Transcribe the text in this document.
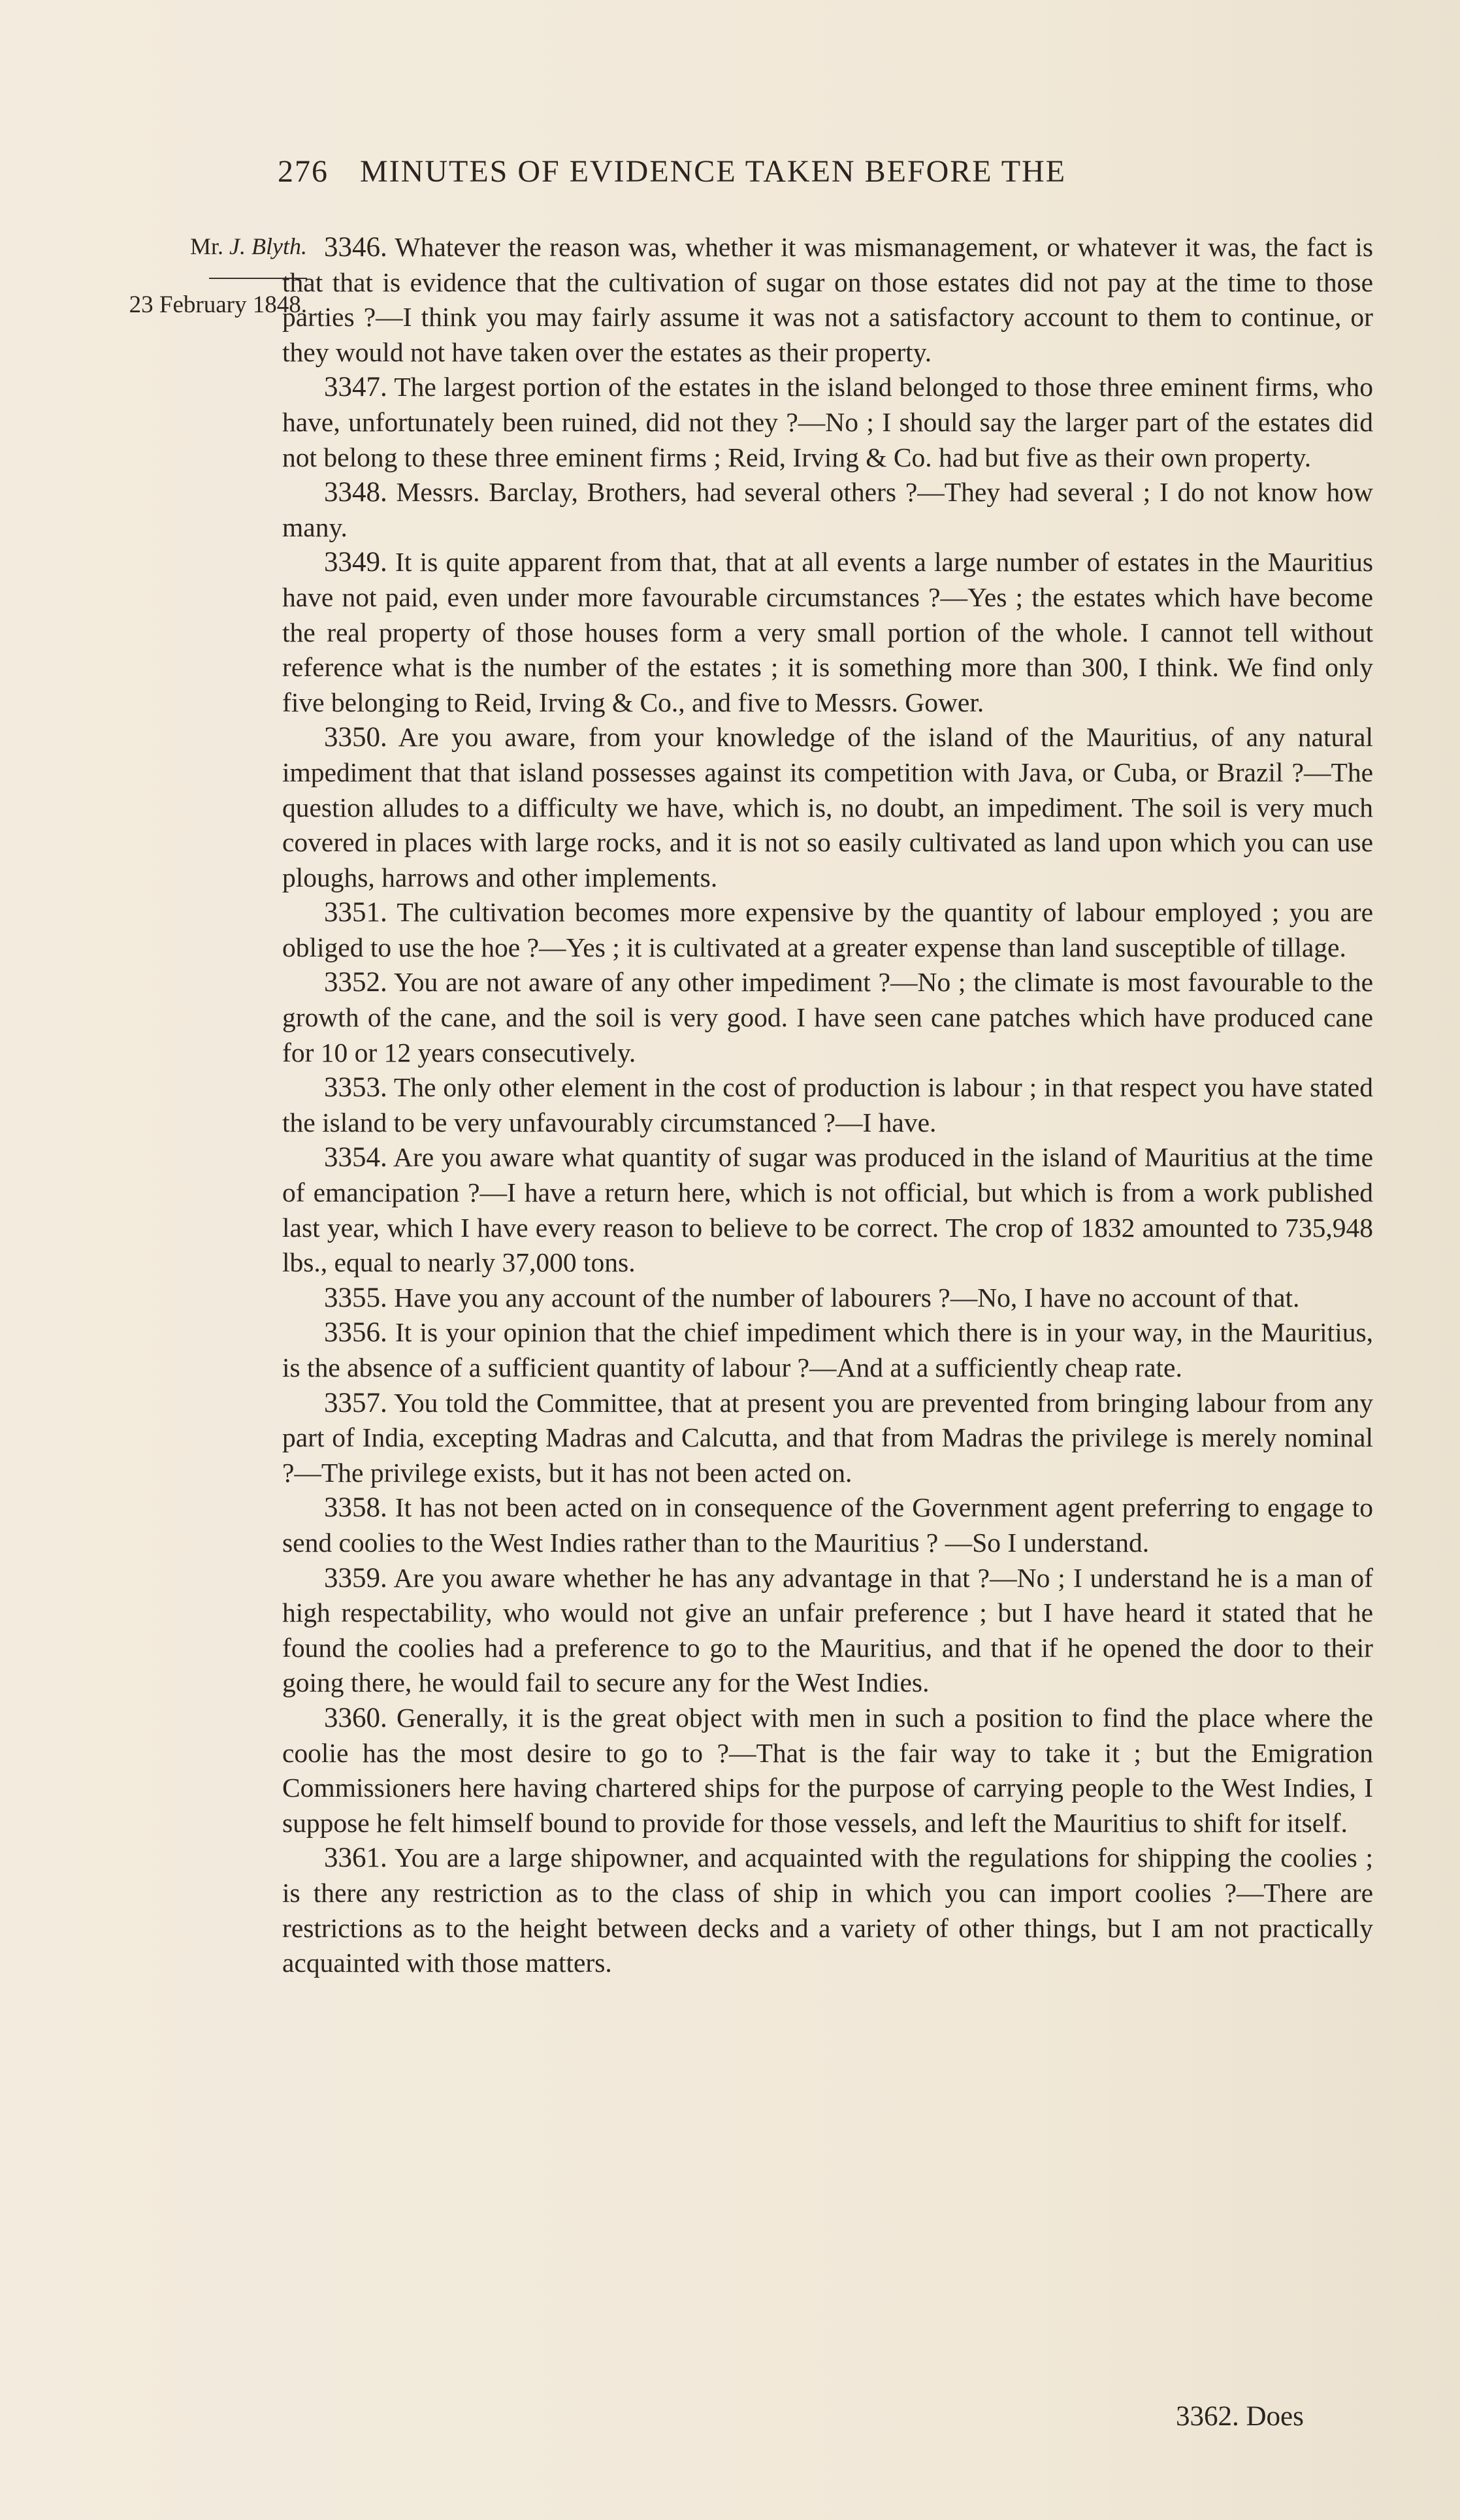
276 MINUTES OF EVIDENCE TAKEN BEFORE THE
Mr. J. Blyth.
23 February 1848.

3346. Whatever the reason was, whether it was mismanagement, or whatever it was, the fact is that that is evidence that the cultivation of sugar on those estates did not pay at the time to those parties ?—I think you may fairly assume it was not a satisfactory account to them to continue, or they would not have taken over the estates as their property.

3347. The largest portion of the estates in the island belonged to those three eminent firms, who have, unfortunately been ruined, did not they ?—No ; I should say the larger part of the estates did not belong to these three eminent firms ; Reid, Irving & Co. had but five as their own property.

3348. Messrs. Barclay, Brothers, had several others ?—They had several ; I do not know how many.

3349. It is quite apparent from that, that at all events a large number of estates in the Mauritius have not paid, even under more favourable circumstances ?—Yes ; the estates which have become the real property of those houses form a very small portion of the whole. I cannot tell without reference what is the number of the estates ; it is something more than 300, I think. We find only five belonging to Reid, Irving & Co., and five to Messrs. Gower.

3350. Are you aware, from your knowledge of the island of the Mauritius, of any natural impediment that that island possesses against its competition with Java, or Cuba, or Brazil ?—The question alludes to a difficulty we have, which is, no doubt, an impediment. The soil is very much covered in places with large rocks, and it is not so easily cultivated as land upon which you can use ploughs, harrows and other implements.

3351. The cultivation becomes more expensive by the quantity of labour employed ; you are obliged to use the hoe ?—Yes ; it is cultivated at a greater expense than land susceptible of tillage.

3352. You are not aware of any other impediment ?—No ; the climate is most favourable to the growth of the cane, and the soil is very good. I have seen cane patches which have produced cane for 10 or 12 years consecutively.

3353. The only other element in the cost of production is labour ; in that respect you have stated the island to be very unfavourably circumstanced ?—I have.

3354. Are you aware what quantity of sugar was produced in the island of Mauritius at the time of emancipation ?—I have a return here, which is not official, but which is from a work published last year, which I have every reason to believe to be correct. The crop of 1832 amounted to 735,948 lbs., equal to nearly 37,000 tons.

3355. Have you any account of the number of labourers ?—No, I have no account of that.

3356. It is your opinion that the chief impediment which there is in your way, in the Mauritius, is the absence of a sufficient quantity of labour ?—And at a sufficiently cheap rate.

3357. You told the Committee, that at present you are prevented from bringing labour from any part of India, excepting Madras and Calcutta, and that from Madras the privilege is merely nominal ?—The privilege exists, but it has not been acted on.

3358. It has not been acted on in consequence of the Government agent preferring to engage to send coolies to the West Indies rather than to the Mauritius ? —So I understand.

3359. Are you aware whether he has any advantage in that ?—No ; I understand he is a man of high respectability, who would not give an unfair preference ; but I have heard it stated that he found the coolies had a preference to go to the Mauritius, and that if he opened the door to their going there, he would fail to secure any for the West Indies.

3360. Generally, it is the great object with men in such a position to find the place where the coolie has the most desire to go to ?—That is the fair way to take it ; but the Emigration Commissioners here having chartered ships for the purpose of carrying people to the West Indies, I suppose he felt himself bound to provide for those vessels, and left the Mauritius to shift for itself.

3361. You are a large shipowner, and acquainted with the regulations for shipping the coolies ; is there any restriction as to the class of ship in which you can import coolies ?—There are restrictions as to the height between decks and a variety of other things, but I am not practically acquainted with those matters.

3362. Does
